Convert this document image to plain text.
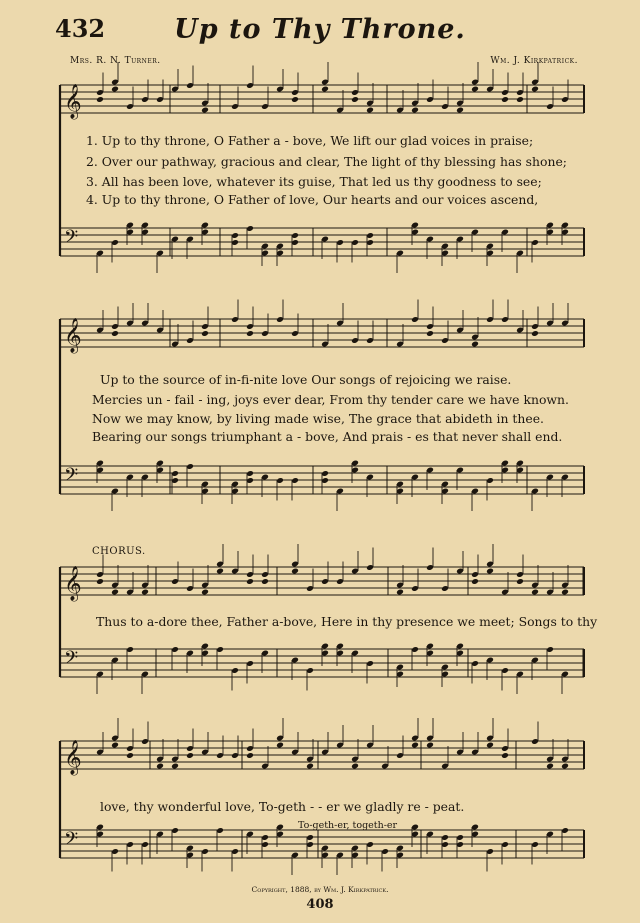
𝄞
𝄢
𝄞
𝄢
𝄞
𝄢
𝄞
𝄢
432	Up to Thy Throne.
Mrs. R. N. Turner.	Wm. J. Kirkpatrick.
1. Up to thy throne, O Father a - bove, We lift our glad voices in praise;
2. Over our pathway, gracious and clear, The light of thy blessing has shone;
3. All has been love, whatever its guise, That led us thy goodness to see;
4. Up to thy throne, O Father of love, Our hearts and our voices ascend,
Up to the source of in-fi-nite love Our songs of rejoicing we raise.
Mercies un - fail - ing, joys ever dear, From thy tender care we have known.
Now we may know, by living made wise, The grace that abideth in thee.
Bearing our songs triumphant a - bove, And prais - es that never shall end.
CHORUS.
Thus to a-dore thee, Father a-bove, Here in thy presence we meet; Songs to thy
love, thy wonderful love, To-geth - - er we gladly re - peat.
To-geth-er, togeth-er
Copyright, 1888, by Wm. J. Kirkpatrick.
408
